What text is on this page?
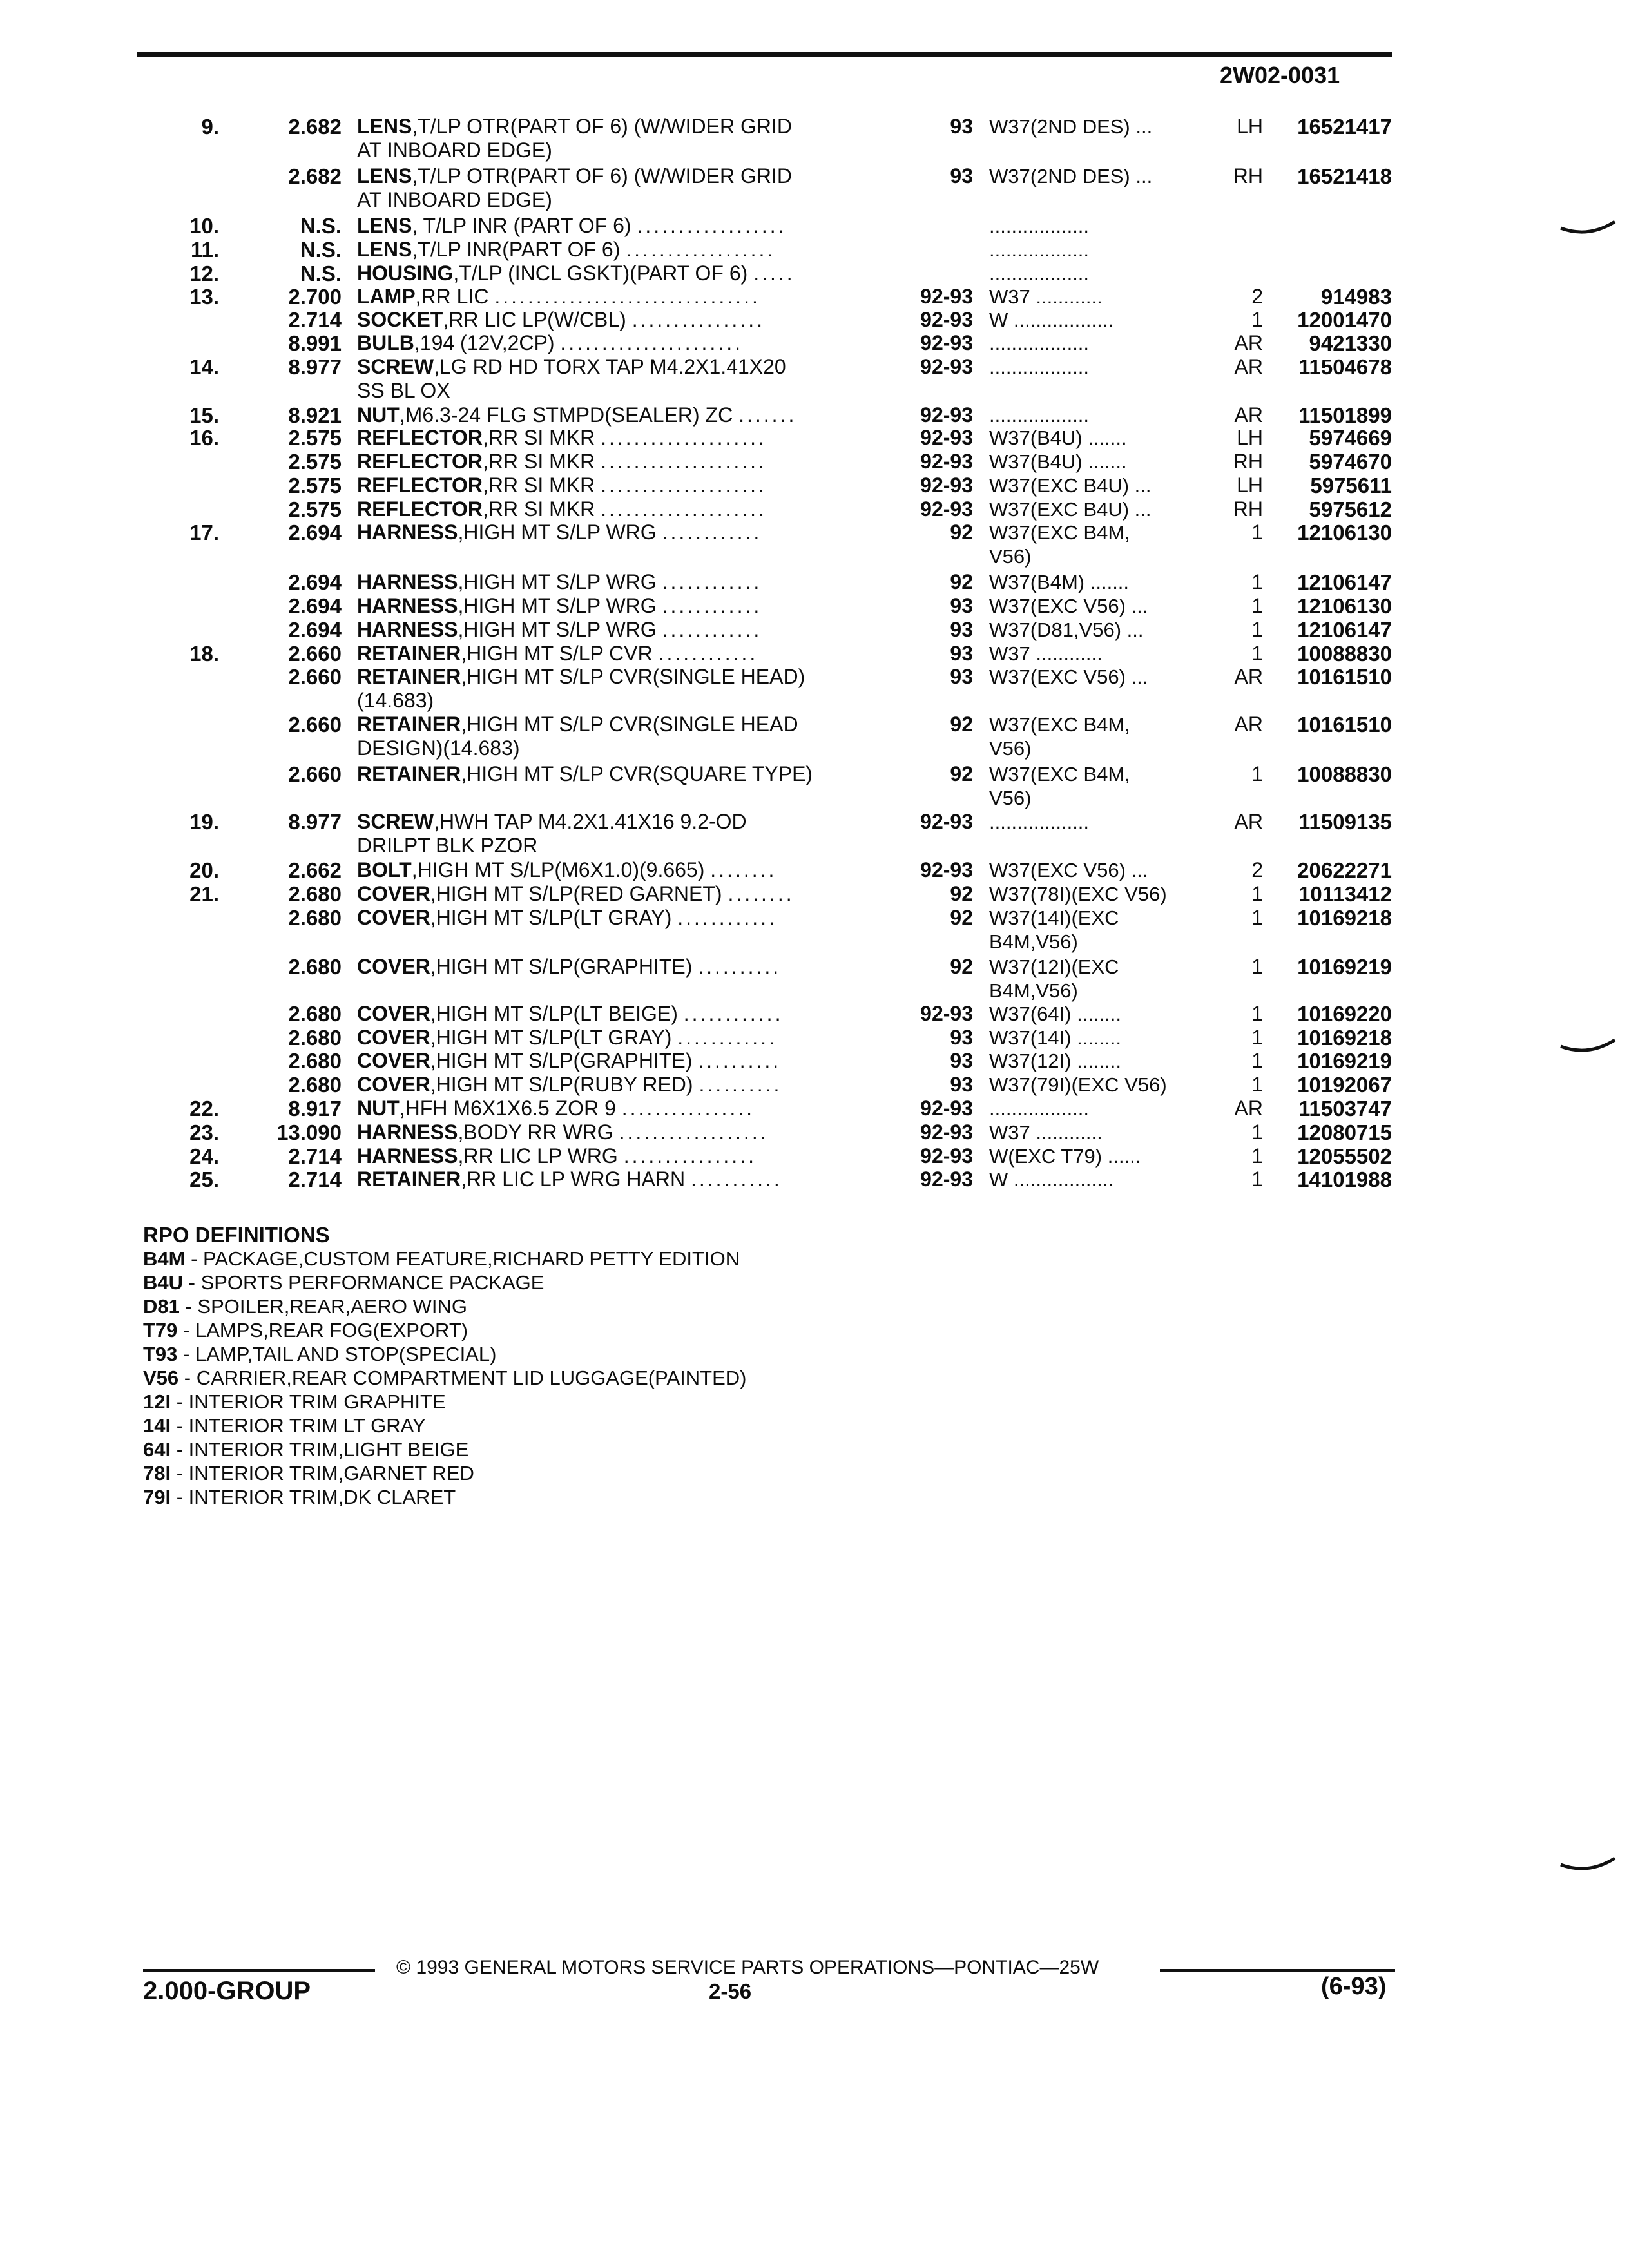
2W02-0031
9.	2.682 LENS,T/LP OTR(PART OF 6) (W/WIDER GRID
AT INBOARD EDGE)
93 W37(2ND DES) ...	LH	16521417
2.682 LENS,T/LP OTR(PART OF 6) (W/WIDER GRID
AT INBOARD EDGE)
93 W37(2ND DES) ...	RH	16521418
10.	N.S. LENS, T/LP INR (PART OF 6) ..................	..................

11.	N.S. LENS,T/LP INR(PART OF 6) ..................	..................

12.	N.S. HOUSING,T/LP (INCL GSKT)(PART OF 6) .....	..................

13.	2.700 LAMP,RR LIC ................................	92-93 W37 ............	2	914983
2.714 SOCKET,RR LIC LP(W/CBL) ................	92-93 W ..................	1	12001470
8.991 BULB,194 (12V,2CP) ......................	92-93 ..................	AR	9421330
14.	8.977 SCREW,LG RD HD TORX TAP M4.2X1.41X20
SS BL OX
92-93 ..................	AR	11504678
15.	8.921 NUT,M6.3-24 FLG STMPD(SEALER) ZC .......	92-93 ..................	AR	11501899
16.	2.575 REFLECTOR,RR SI MKR ....................	92-93 W37(B4U) .......	LH	5974669
2.575 REFLECTOR,RR SI MKR ....................	92-93 W37(B4U) .......	RH	5974670
2.575 REFLECTOR,RR SI MKR ....................	92-93 W37(EXC B4U) ...	LH	5975611
2.575 REFLECTOR,RR SI MKR ....................	92-93 W37(EXC B4U) ...	RH	5975612
17.	2.694 HARNESS,HIGH MT S/LP WRG ............	92 W37(EXC B4M,
V56)
1	12106130
2.694 HARNESS,HIGH MT S/LP WRG ............	92 W37(B4M) .......	1	12106147
2.694 HARNESS,HIGH MT S/LP WRG ............	93 W37(EXC V56) ...	1	12106130
2.694 HARNESS,HIGH MT S/LP WRG ............	93 W37(D81,V56) ...	1	12106147
18.	2.660 RETAINER,HIGH MT S/LP CVR ............	93 W37 ............	1	10088830
2.660 RETAINER,HIGH MT S/LP CVR(SINGLE HEAD)
(14.683)
93 W37(EXC V56) ...	AR	10161510
2.660 RETAINER,HIGH MT S/LP CVR(SINGLE HEAD
DESIGN)(14.683)
92 W37(EXC B4M,
V56)
AR	10161510
2.660 RETAINER,HIGH MT S/LP CVR(SQUARE TYPE)	92 W37(EXC B4M,
V56)
1	10088830
19.	8.977 SCREW,HWH TAP M4.2X1.41X16 9.2-OD
DRILPT BLK PZOR
92-93 ..................	AR	11509135
20.	2.662 BOLT,HIGH MT S/LP(M6X1.0)(9.665) ........	92-93 W37(EXC V56) ...	2	20622271
21.	2.680 COVER,HIGH MT S/LP(RED GARNET) ........	92 W37(78I)(EXC V56)	1	10113412
2.680 COVER,HIGH MT S/LP(LT GRAY) ............	92 W37(14I)(EXC
B4M,V56)
1	10169218
2.680 COVER,HIGH MT S/LP(GRAPHITE) ..........	92 W37(12I)(EXC
B4M,V56)
1	10169219
2.680 COVER,HIGH MT S/LP(LT BEIGE) ............	92-93 W37(64I) ........	1	10169220
2.680 COVER,HIGH MT S/LP(LT GRAY) ............	93 W37(14I) ........	1	10169218
2.680 COVER,HIGH MT S/LP(GRAPHITE) ..........	93 W37(12I) ........	1	10169219
2.680 COVER,HIGH MT S/LP(RUBY RED) ..........	93 W37(79I)(EXC V56)	1	10192067
22.	8.917 NUT,HFH M6X1X6.5 ZOR 9 ................	92-93 ..................	AR	11503747
23.	13.090 HARNESS,BODY RR WRG ..................	92-93 W37 ............	1	12080715
24.	2.714 HARNESS,RR LIC LP WRG ................	92-93 W(EXC T79) ......	1	12055502
25.	2.714 RETAINER,RR LIC LP WRG HARN ...........	92-93 W ..................	1	14101988
RPO DEFINITIONS
B4M - PACKAGE,CUSTOM FEATURE,RICHARD PETTY EDITION
B4U - SPORTS PERFORMANCE PACKAGE
D81 - SPOILER,REAR,AERO WING
T79 - LAMPS,REAR FOG(EXPORT)
T93 - LAMP,TAIL AND STOP(SPECIAL)
V56 - CARRIER,REAR COMPARTMENT LID LUGGAGE(PAINTED)
12I - INTERIOR TRIM GRAPHITE
14I - INTERIOR TRIM LT GRAY
64I - INTERIOR TRIM,LIGHT BEIGE
78I - INTERIOR TRIM,GARNET RED
79I - INTERIOR TRIM,DK CLARET
© 1993 GENERAL MOTORS SERVICE PARTS OPERATIONS—PONTIAC—25W
2.000-GROUP	2-56	(6-93)
